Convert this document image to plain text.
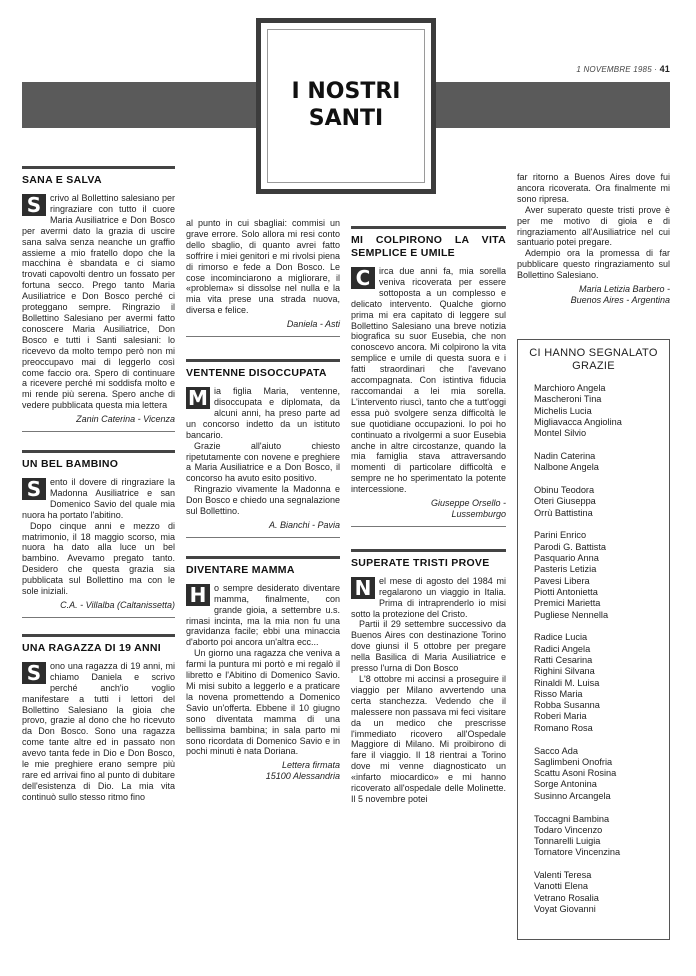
1 NOVEMBRE 1985 · 41
I NOSTRI
SANTI
SANA E SALVA

S crivo al Bollettino salesiano per ringraziare con tutto il cuore Maria Ausiliatrice e Don Bosco per avermi dato la grazia di uscire sana salva senza neanche un graffio assieme a mio fratello dopo che la macchina è sbandata e ci siamo trovati capovolti dentro un fossato per fortuna secco. Prego tanto Maria Ausiliatrice e Don Bosco perché ci proteggano sempre. Ringrazio il Bollettino Salesiano per avermi fatto conoscere Maria Ausiliatrice, Don Bosco e tutti i Santi salesiani: lo ricevevo da molto tempo però non mi preoccupavo mai di leggerlo così come faccio ora. Spero di continuare a ricevere perché mi soddisfa molto e mi rende più serena. Spero anche di vedere pubblicata questa mia lettera

Zanin Caterina - Vicenza

UN BEL BAMBINO

S ento il dovere di ringraziare la Madonna Ausiliatrice e san Domenico Savio del quale mia nuora ha portato l'abitino.

Dopo cinque anni e mezzo di matrimonio, il 18 maggio scorso, mia nuora ha dato alla luce un bel bambino. Avevamo pregato tanto. Desidero che questa grazia sia pubblicata sul Bollettino ma con le sole iniziali.

C.A. - Villalba (Caltanissetta)

UNA RAGAZZA DI 19 ANNI

S ono una ragazza di 19 anni, mi chiamo Daniela e scrivo perché anch'io voglio manifestare a tutti i lettori del Bollettino Salesiano la gioia che provo, grazie al dono che ho ricevuto da Don Bosco. Sono una ragazza come tante altre ed in passato non avevo tanta fede in Dio e Don Bosco, le mie preghiere erano sempre più rare ed arrivai fino al punto di dubitare dell'esistenza di Dio. La mia vita continuò sullo stesso ritmo fino

al punto in cui sbagliai: commisi un grave errore. Solo allora mi resi conto dello sbaglio, di quanto avrei fatto soffrire i miei genitori e mi rivolsi piena di rimorso e fede a Don Bosco. Le cose incominciarono a migliorare, il «problema» si dissolse nel nulla e la mia vita prese una strada nuova, diversa e felice.

Daniela - Asti

VENTENNE DISOCCUPATA

M ia figlia Maria, ventenne, disoccupata e diplomata, da alcuni anni, ha preso parte ad un concorso indetto da un istituto bancario.

Grazie all'aiuto chiesto ripetutamente con novene e preghiere a Maria Ausiliatrice e a Don Bosco, il concorso ha avuto esito positivo.

Ringrazio vivamente la Madonna e Don Bosco e chiedo una segnalazione sul Bollettino.

A. Bianchi - Pavia

DIVENTARE MAMMA

H o sempre desiderato diventare mamma, finalmente, con grande gioia, a settembre u.s. rimasi incinta, ma la mia non fu una gravidanza facile; ebbi una minaccia d'aborto poi ancora un'altra ecc...

Un giorno una ragazza che veniva a farmi la puntura mi portò e mi regalò il libretto e l'Abitino di Domenico Savio. Mi misi subito a leggerlo e a praticare la novena promettendo a Domenico Savio un'offerta. Ebbene il 10 giugno sono diventata mamma di una bellissima bambina; in sala parto mi sono ricordata di Domenico Savio e in pochi minuti è nata Doriana.

Lettera firmata
15100 Alessandria

MI COLPIRONO LA VITA SEMPLICE E UMILE

C irca due anni fa, mia sorella veniva ricoverata per essere sottoposta a un complesso e delicato intervento. Qualche giorno prima mi era capitato di leggere sul Bollettino Salesiano una breve notizia biografica su suor Eusebia, che non conoscevo ancora. Mi colpirono la vita semplice e umile di questa suora e i fatti straordinari che l'avevano accompagnata. Con istintiva fiducia raccomandai a lei mia sorella. L'intervento riuscì, tanto che a tutt'oggi essa può svolgere senza difficoltà le sue quotidiane occupazioni. Io poi ho continuato a rivolgermi a suor Eusebia anche in altre circostanze, quando la mia famiglia stava attraversando momenti di particolare difficoltà e sempre ne ho sperimentato la potente intercessione.

Giuseppe Orsello -
Lussemburgo

SUPERATE TRISTI PROVE

N el mese di agosto del 1984 mi regalarono un viaggio in Italia. Prima di intraprenderlo io misi sotto la protezione del Cristo.

Partii il 29 settembre successivo da Buenos Aires con destinazione Torino dove giunsi il 5 ottobre per pregare nella Basilica di Maria Ausiliatrice e presso l'urna di Don Bosco

L'8 ottobre mi accinsi a proseguire il viaggio per Milano avvertendo una certa stanchezza. Vedendo che il malessere non passava mi feci visitare da un medico che prescrisse l'immediato ricovero all'Ospedale Maggiore di Milano. Mi proibirono di fare il viaggio. Il 18 rientrai a Torino dove mi venne diagnosticato un «infarto miocardico» e mi hanno ricoverato all'ospedale delle Molinette. Il 5 novembre potei

far ritorno a Buenos Aires dove fui ancora ricoverata. Ora finalmente mi sono ripresa.

Aver superato queste tristi prove è per me motivo di gioia e di ringraziamento all'Ausiliatrice nel cui santuario potei pregare.

Adempio ora la promessa di far pubblicare questo ringraziamento sul Bollettino Salesiano.

Maria Letizia Barbero -
Buenos Aires - Argentina

CI HANNO SEGNALATO
GRAZIE
Marchioro Angela
Mascheroni Tina
Michelis Lucia
Migliavacca Angiolina
Montel Silvio
Nadin Caterina
Nalbone Angela
Obinu Teodora
Oteri Giuseppa
Orrù Battistina
Parini Enrico
Parodi G. Battista
Pasquario Anna
Pasteris Letizia
Pavesi Libera
Piotti Antonietta
Premici Marietta
Pugliese Nennella
Radice Lucia
Radici Angela
Ratti Cesarina
Righini Silvana
Rinaldi M. Luisa
Risso Maria
Robba Susanna
Roberi Maria
Romano Rosa
Sacco Ada
Saglimbeni Onofria
Scattu Asoni Rosina
Sorge Antonina
Susinno Arcangela
Toccagni Bambina
Todaro Vincenzo
Tonnarelli Luigia
Tornatore Vincenzina
Valenti Teresa
Vanotti Elena
Vetrano Rosalia
Voyat Giovanni
